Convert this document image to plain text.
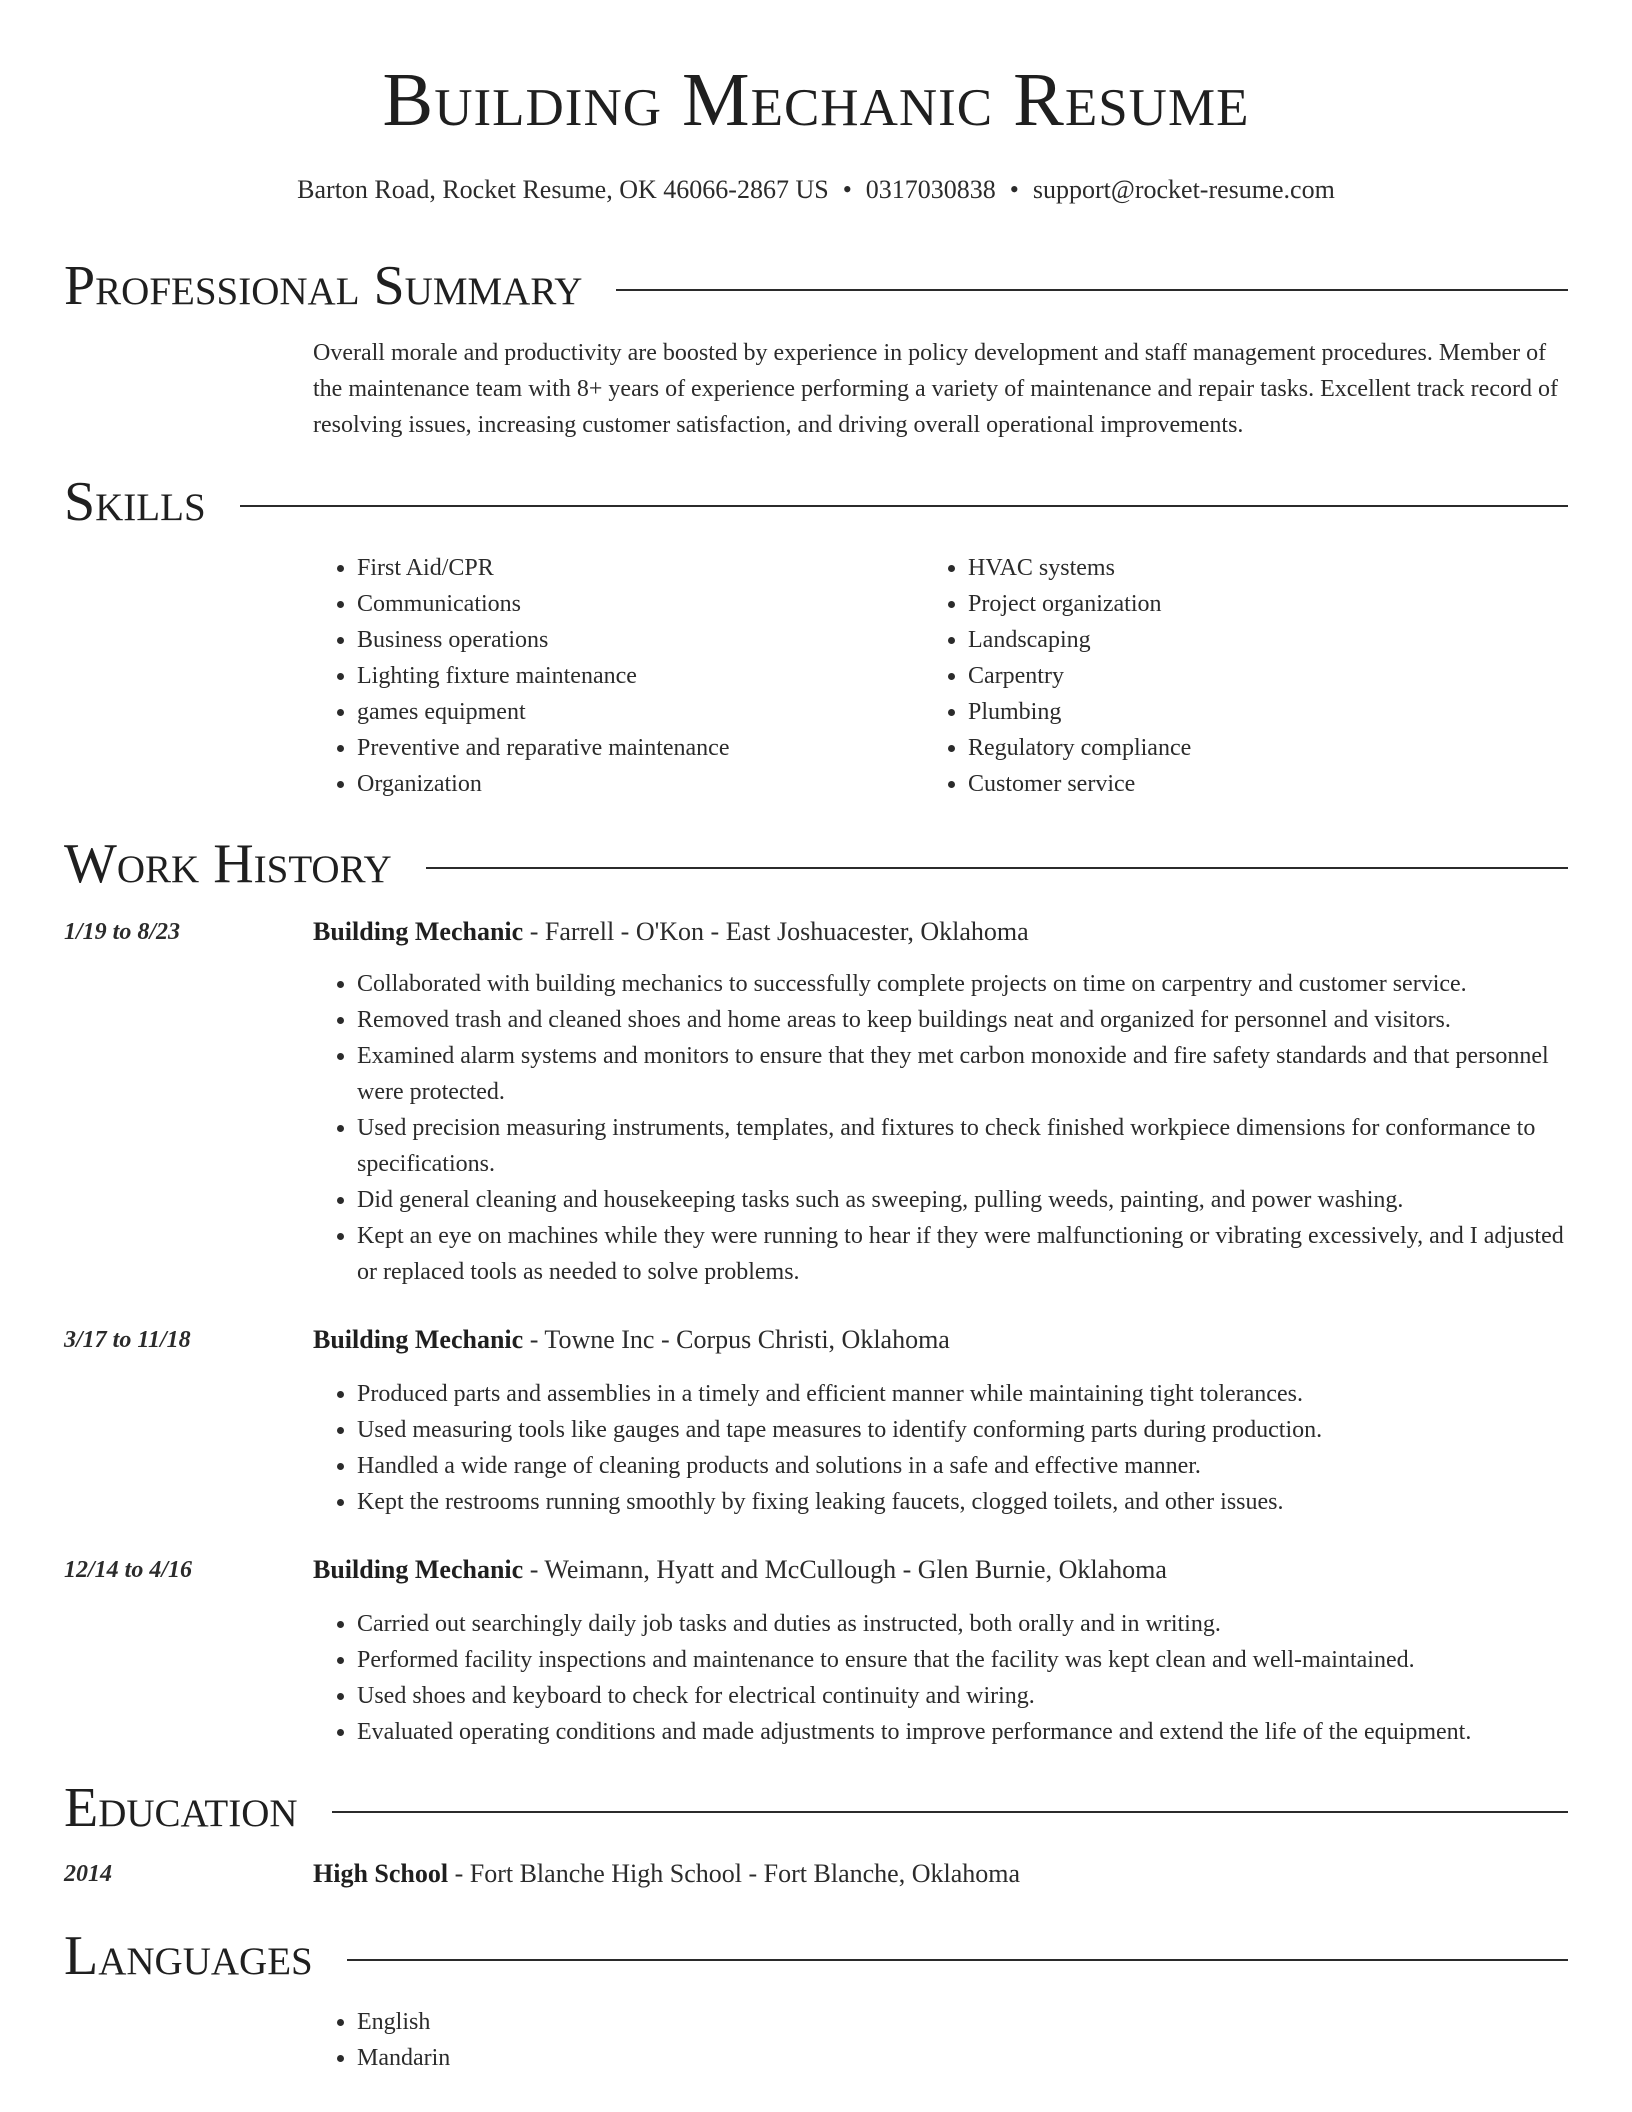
Building Mechanic Resume
Barton Road, Rocket Resume, OK 46066-2867 US • 0317030838 • support@rocket-resume.com
Professional Summary

Overall morale and productivity are boosted by experience in policy development and staff management procedures. Member of the maintenance team with 8+ years of experience performing a variety of maintenance and repair tasks. Excellent track record of resolving issues, increasing customer satisfaction, and driving overall operational improvements.

Skills
• First Aid/CPR
• Communications
• Business operations
• Lighting fixture maintenance
• games equipment
• Preventive and reparative maintenance
• Organization
• HVAC systems
• Project organization
• Landscaping
• Carpentry
• Plumbing
• Regulatory compliance
• Customer service
Work History
1/19 to 8/23	Building Mechanic - Farrell - O'Kon - East Joshuacester, Oklahoma
• Collaborated with building mechanics to successfully complete projects on time on carpentry and customer service.
• Removed trash and cleaned shoes and home areas to keep buildings neat and organized for personnel and visitors.
• Examined alarm systems and monitors to ensure that they met carbon monoxide and fire safety standards and that personnel were protected.
• Used precision measuring instruments, templates, and fixtures to check finished workpiece dimensions for conformance to specifications.
• Did general cleaning and housekeeping tasks such as sweeping, pulling weeds, painting, and power washing.
• Kept an eye on machines while they were running to hear if they were malfunctioning or vibrating excessively, and I adjusted or replaced tools as needed to solve problems.
3/17 to 11/18	Building Mechanic - Towne Inc - Corpus Christi, Oklahoma
• Produced parts and assemblies in a timely and efficient manner while maintaining tight tolerances.
• Used measuring tools like gauges and tape measures to identify conforming parts during production.
• Handled a wide range of cleaning products and solutions in a safe and effective manner.
• Kept the restrooms running smoothly by fixing leaking faucets, clogged toilets, and other issues.
12/14 to 4/16	Building Mechanic - Weimann, Hyatt and McCullough - Glen Burnie, Oklahoma
• Carried out searchingly daily job tasks and duties as instructed, both orally and in writing.
• Performed facility inspections and maintenance to ensure that the facility was kept clean and well-maintained.
• Used shoes and keyboard to check for electrical continuity and wiring.
• Evaluated operating conditions and made adjustments to improve performance and extend the life of the equipment.
Education
2014	High School - Fort Blanche High School - Fort Blanche, Oklahoma
Languages
• English
• Mandarin
